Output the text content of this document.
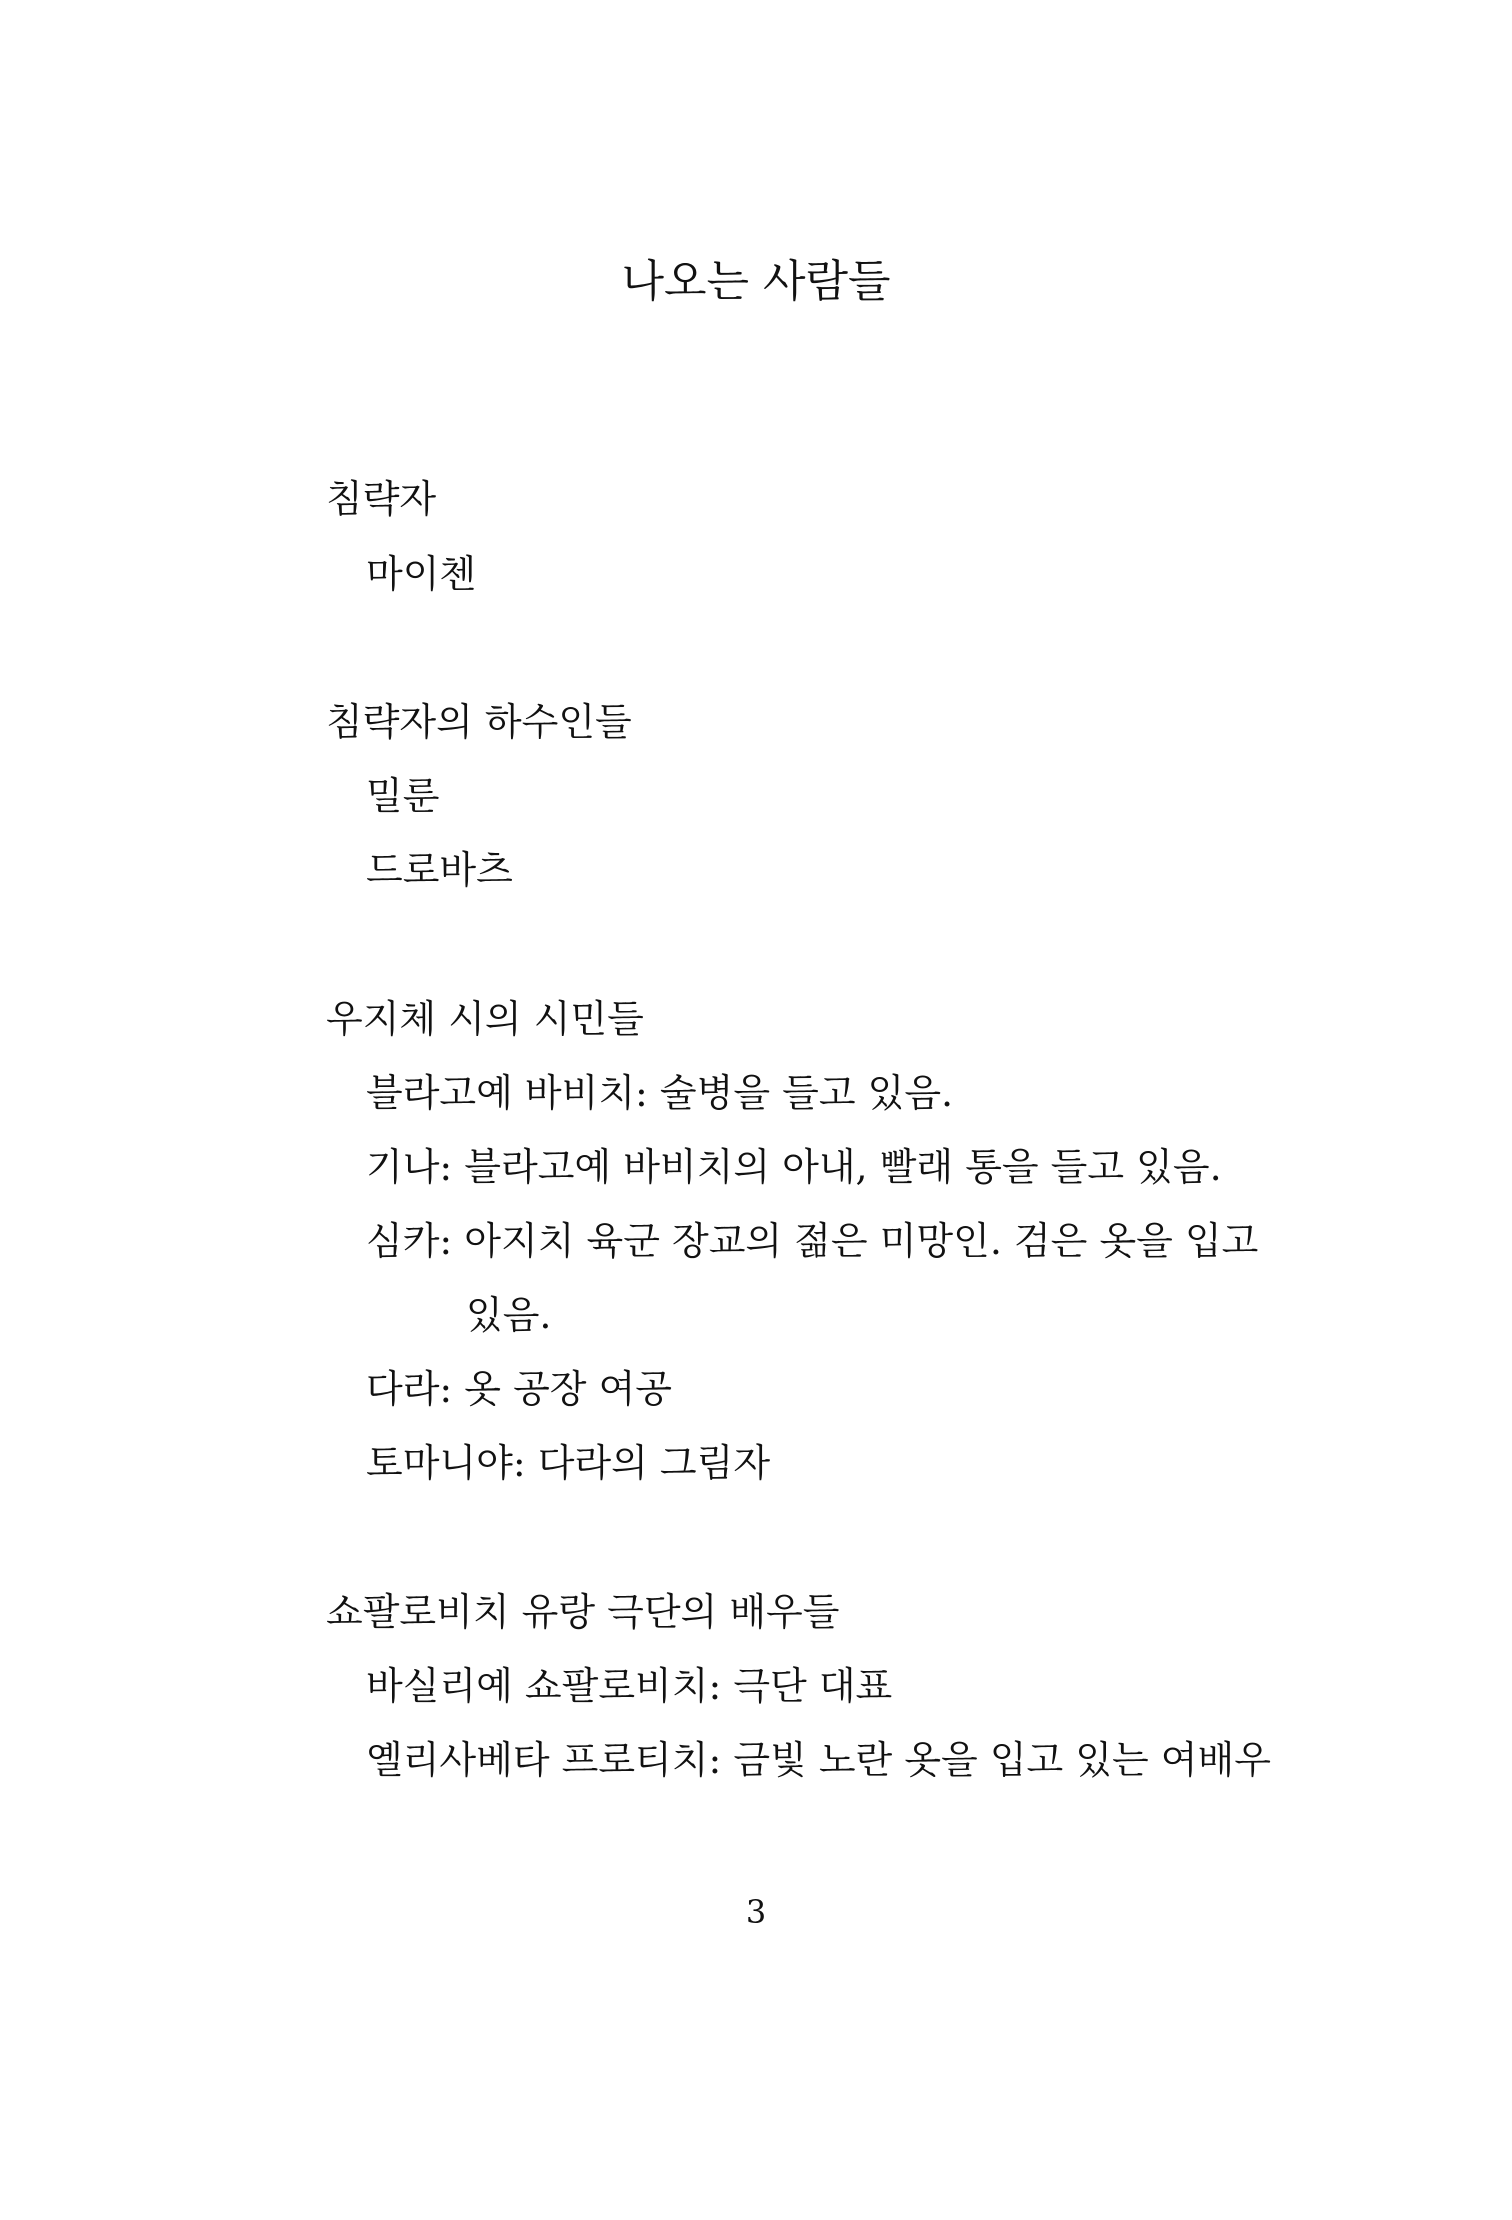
나오는 사람들
침략자
마이첸
침략자의 하수인들
밀룬
드로바츠
우지체 시의 시민들
블라고예 바비치: 술병을 들고 있음.
기나: 블라고예 바비치의 아내, 빨래 통을 들고 있음.
심카: 아지치 육군 장교의 젊은 미망인. 검은 옷을 입고
있음.
다라: 옷 공장 여공
토마니야: 다라의 그림자
쇼팔로비치 유랑 극단의 배우들
바실리예 쇼팔로비치: 극단 대표
옐리사베타 프로티치: 금빛 노란 옷을 입고 있는 여배우
3
